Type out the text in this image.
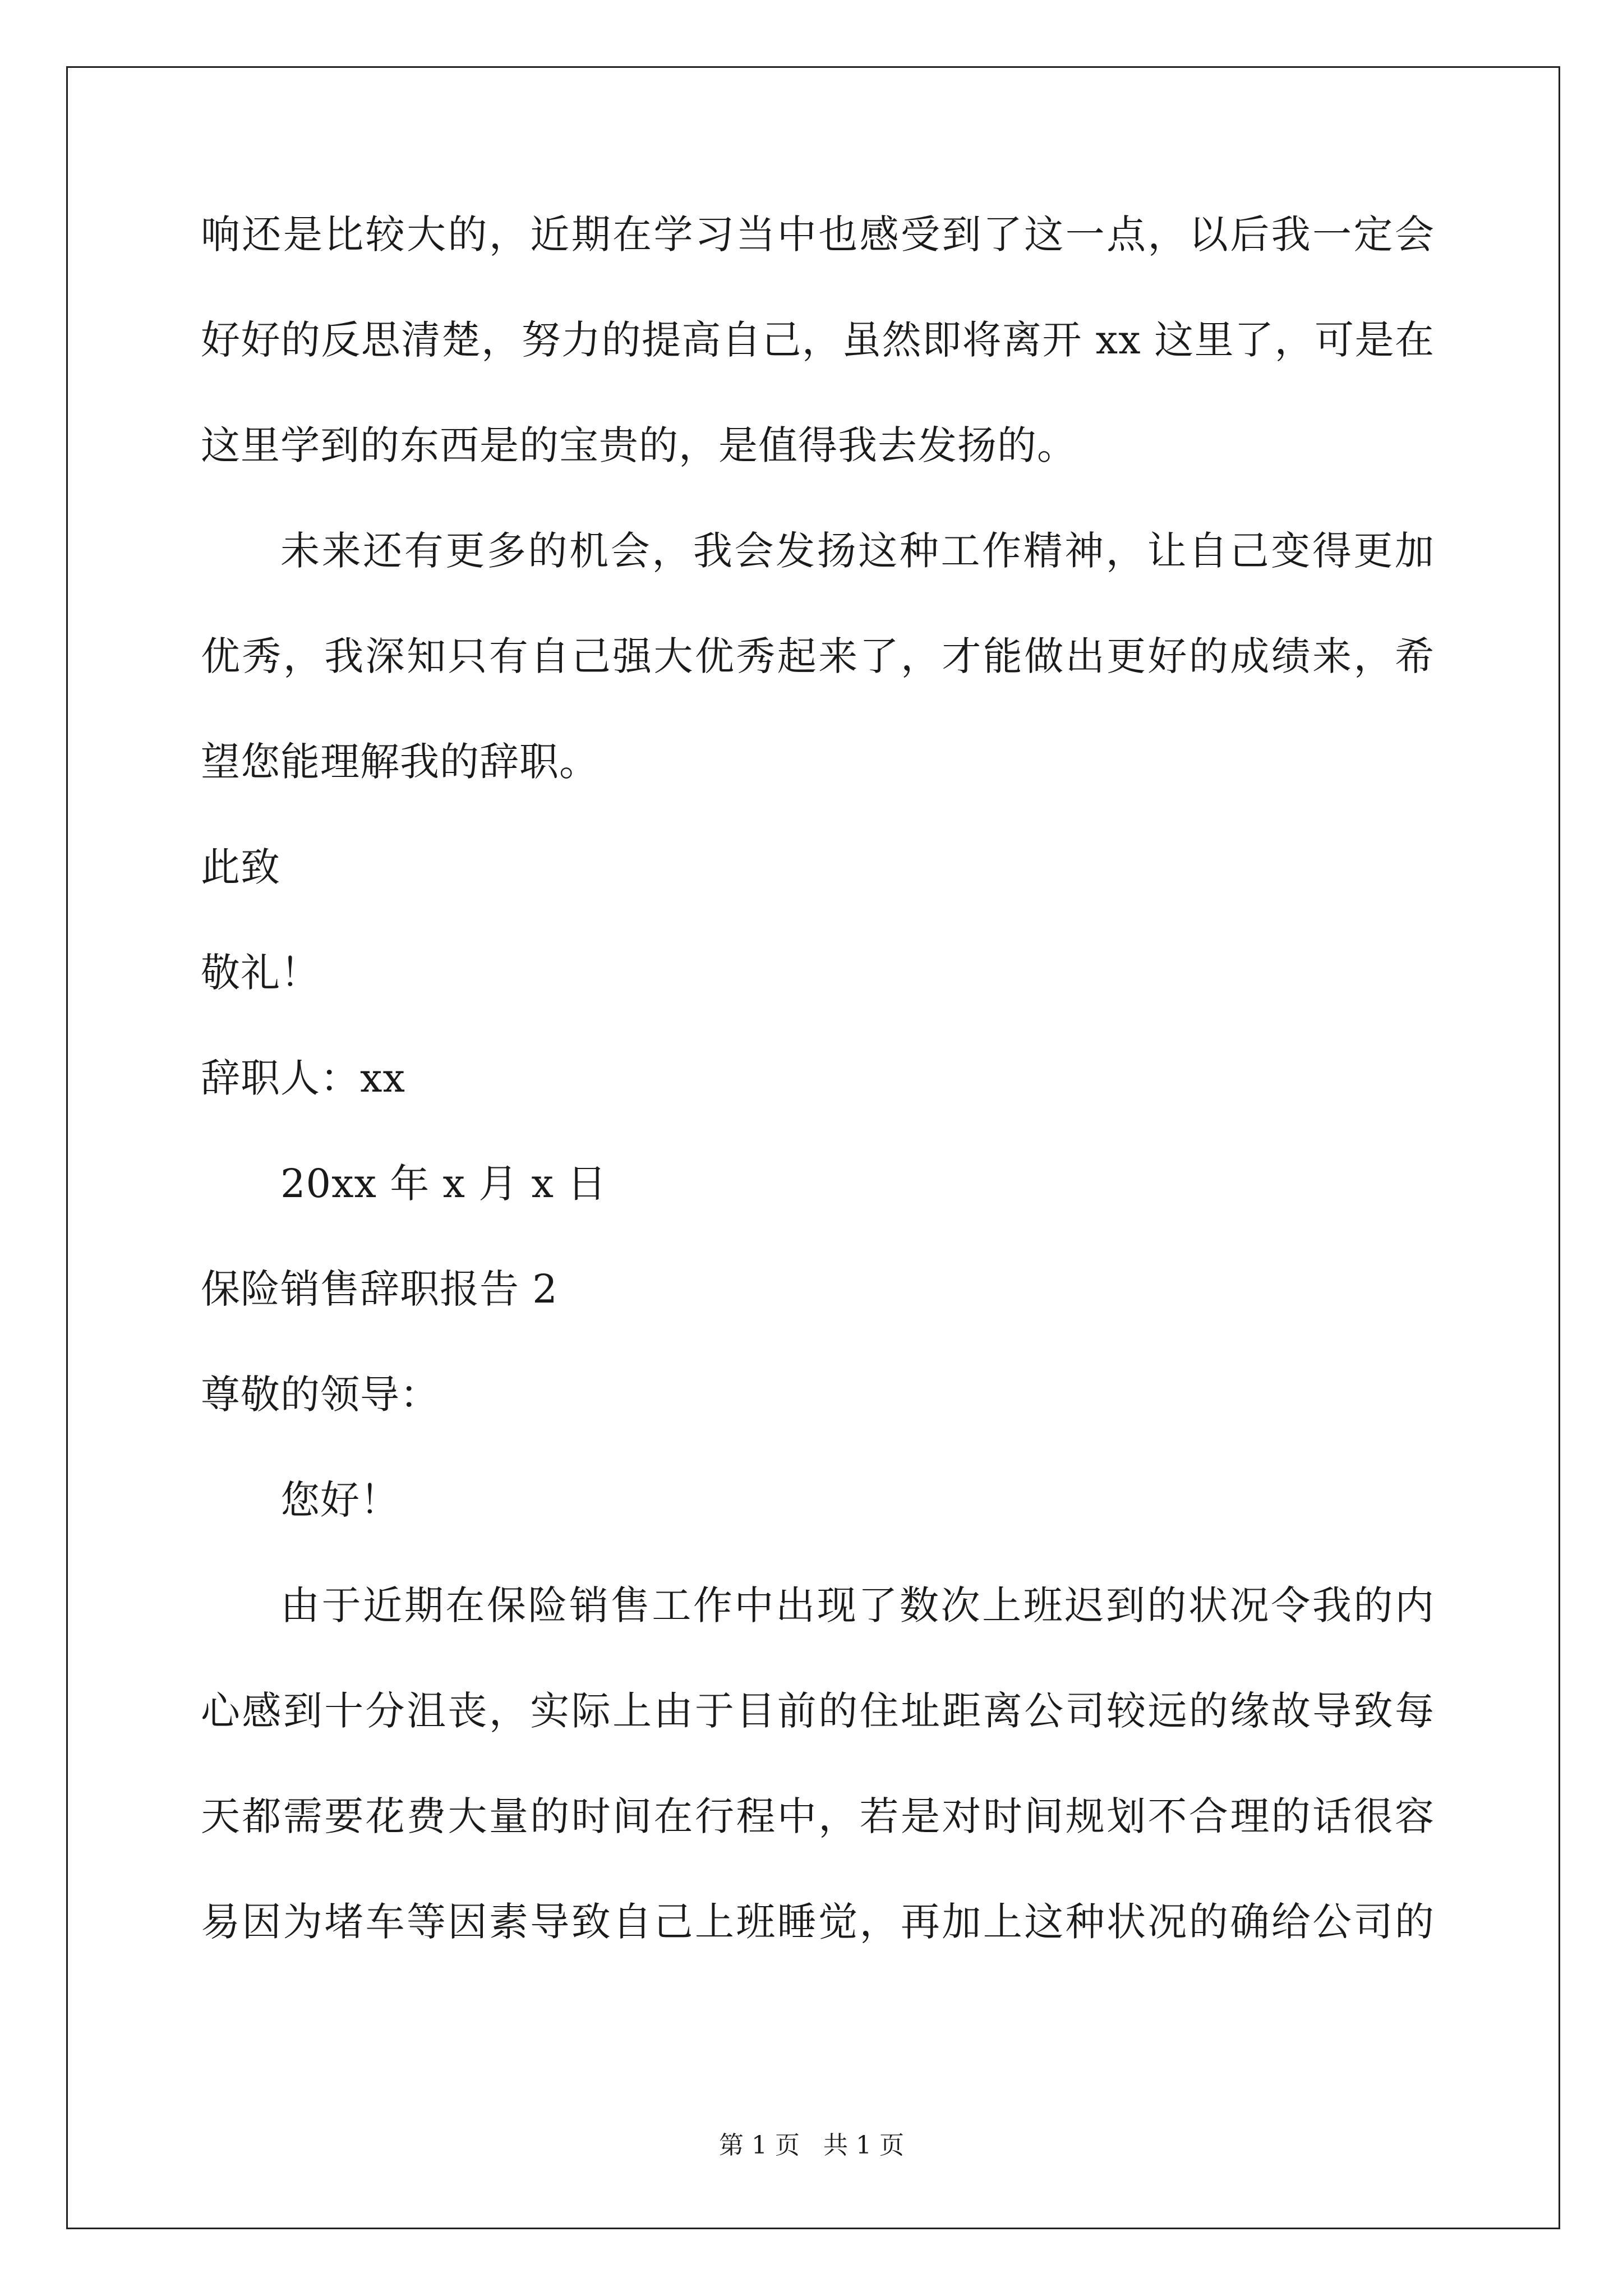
响还是比较大的，近期在学习当中也感受到了这一点，以后我一定会
好好的反思清楚，努力的提高自己，虽然即将离开 xx 这里了，可是在
这里学到的东西是的宝贵的，是值得我去发扬的。
未来还有更多的机会，我会发扬这种工作精神，让自己变得更加
优秀，我深知只有自己强大优秀起来了，才能做出更好的成绩来，希
望您能理解我的辞职。
此致
敬礼！
辞职人：xx
20xx 年 x 月 x 日
保险销售辞职报告 2
尊敬的领导：
您好！
由于近期在保险销售工作中出现了数次上班迟到的状况令我的内
心感到十分沮丧，实际上由于目前的住址距离公司较远的缘故导致每
天都需要花费大量的时间在行程中，若是对时间规划不合理的话很容
易因为堵车等因素导致自己上班睡觉，再加上这种状况的确给公司的
第 1 页   共 1 页
